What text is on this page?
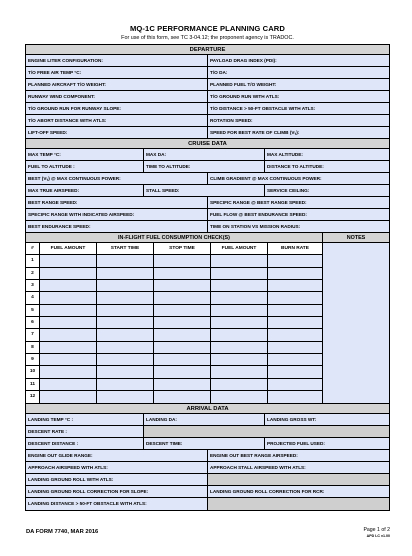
MQ-1C PERFORMANCE PLANNING CARD
For use of this form, see TC 3-04.12; the proponent agency is TRADOC.
DEPARTURE
ENGINE LITER CONFIGURATION:	PAYLOAD DRAG INDEX (PDI):
T/O FREE AIR TEMP °C:	T/O DA:
PLANNED AIRCRAFT T/O WEIGHT:	PLANNED FUEL T/O WEIGHT:
RUNWAY WIND COMPONENT:	T/O GROUND RUN WITH ATLS:
T/O GROUND RUN FOR RUNWAY SLOPE:	T/O DISTANCE > 50-FT OBSTACLE WITH ATLS:
T/O ABORT DISTANCE WITH ATLS:	ROTATION SPEED:
LIFT-OFF SPEED:	SPEED FOR BEST RATE OF CLIMB (Vᵧ):
CRUISE DATA
MAX TEMP °C:	MAX DA:	MAX ALTITUDE:
FUEL TO ALTITUDE :	TIME TO ALTITUDE:	DISTANCE TO ALTITUDE:
BEST (Vᵧ) @ MAX CONTINUOUS POWER:	CLIMB GRADIENT @ MAX CONTINUOUS POWER:
MAX TRUE AIRSPEED:	STALL SPEED:	SERVICE CEILING:
BEST RANGE SPEED:	SPECIFIC RANGE @ BEST RANGE SPEED:
SPECIFIC RANGE WITH INDICATED AIRSPEED:	FUEL FLOW @ BEST ENDURANCE SPEED:
BEST ENDURANCE SPEED:	TIME ON STATION VS MISSION RADIUS:
IN-FLIGHT FUEL CONSUMPTION CHECK(S)
#	FUEL AMOUNT	START TIME	STOP TIME	FUEL AMOUNT	BURN RATE
1
2
3
4
5
6
7
8
9
10
11
12
NOTES
ARRIVAL DATA
LANDING TEMP °C :	LANDING DA:	LANDING GROSS WT:
DESCENT RATE :
DESCENT DISTANCE :	DESCENT TIME:	PROJECTED FUEL USED:
ENGINE OUT GLIDE RANGE:	ENGINE OUT BEST RANGE AIRSPEED:
APPROACH AIRSPEED WITH ATLS:	APPROACH STALL AIRSPEED WITH ATLS:
LANDING GROUND ROLL WITH ATLS:
LANDING GROUND ROLL CORRECTION FOR SLOPE:	LANDING GROUND ROLL CORRECTION FOR RCR:
LANDING DISTANCE > 50-FT OBSTACLE WITH ATLS:
DA FORM 7740, MAR 2016	Page 1 of 2
APD LC v1.00
